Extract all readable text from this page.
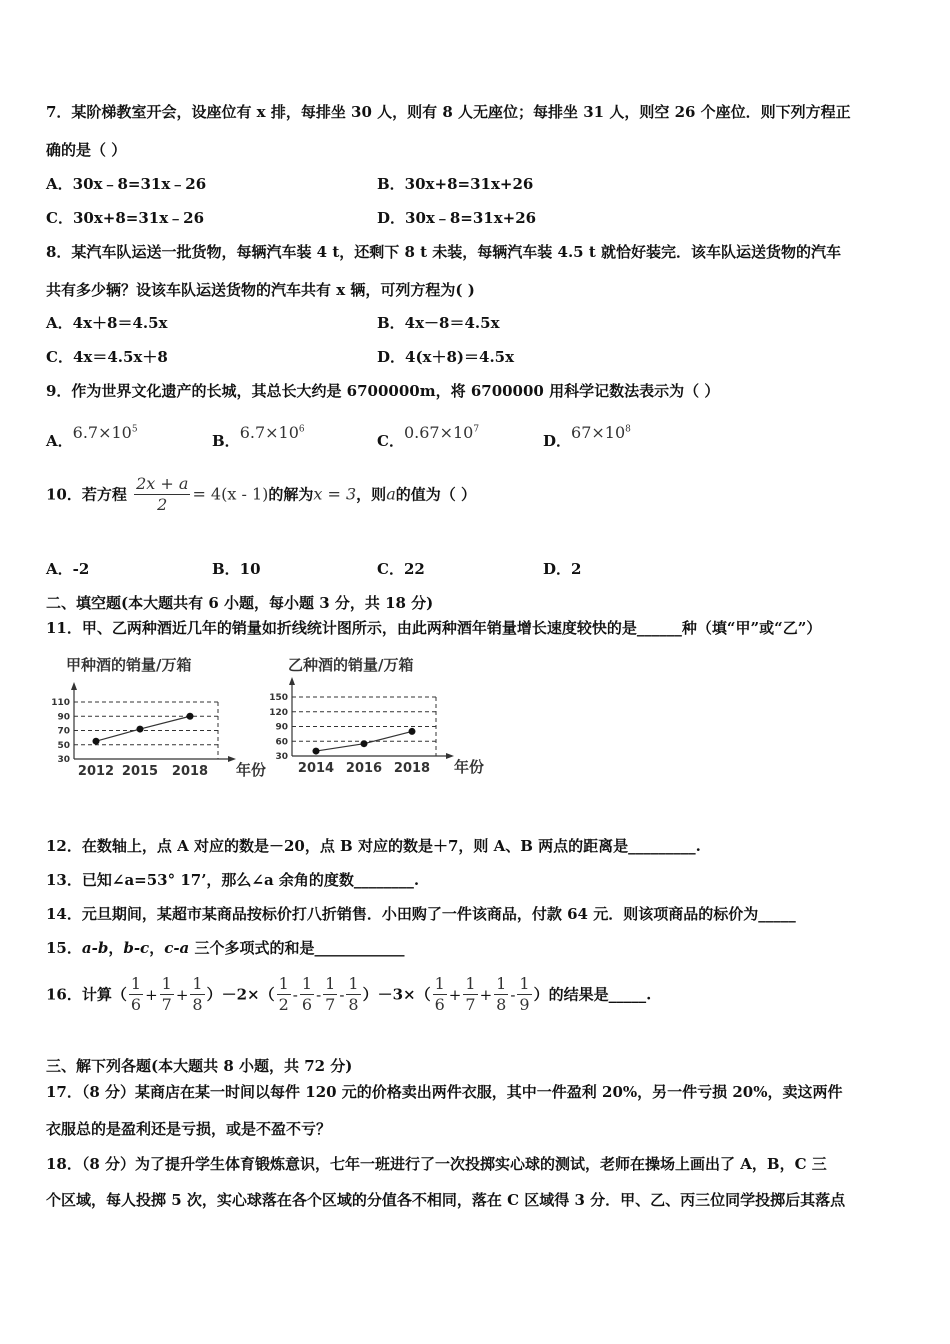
7．某阶梯教室开会，设座位有 x 排，每排坐 30 人，则有 8 人无座位；每排坐 31 人，则空 26 个座位．则下列方程正
确的是（ ）
A．30x﹣8=31x﹣26	B．30x+8=31x+26
C．30x+8=31x﹣26	D．30x﹣8=31x+26
8．某汽车队运送一批货物，每辆汽车装 4 t，还剩下 8 t 未装，每辆汽车装 4.5 t 就恰好装完．该车队运送货物的汽车
共有多少辆？设该车队运送货物的汽车共有 x 辆，可列方程为( )
A．4x＋8＝4.5x	B．4x－8＝4.5x
C．4x＝4.5x＋8	D．4(x＋8)＝4.5x
9．作为世界文化遗产的长城，其总长大约是 6700000m，将 6700000 用科学记数法表示为（ ）
A．$6.7\times 10^5$
B．$6.7\times 10^6$
C．$0.67\times 10^7$
D．$67\times 10^8$
10．若方程 $\frac{2x + a}{2} = 4(x - 1)$的解为x = 3，则a的值为（ ）
A．-2	B．10	C．22	D．2
二、填空题(本大题共有 6 小题，每小题 3 分，共 18 分)
11．甲、乙两种酒近几年的销量如折线统计图所示，由此两种酒年销量增长速度较快的是______种（填“甲”或“乙”）
甲种酒的销量/万箱
30
50
70
90
110
2012 2015 2018 年份
乙种酒的销量/万箱
30
60
90
120
150
2014 2016 2018 年份
12．在数轴上，点 A 对应的数是－20，点 B 对应的数是＋7，则 A、B 两点的距离是_________.
13．已知∠a=53° 17’，那么∠a 余角的度数________.
14．元旦期间，某超市某商品按标价打八折销售．小田购了一件该商品，付款 64 元．则该项商品的标价为_____
15．a-b，b-c，c-a 三个多项式的和是____________
16．计算（ $\frac{1}{6} + \frac{1}{7} + \frac{1}{8} )-2\times( \frac{1}{2} - \frac{1}{6} - \frac{1}{7} - \frac{1}{8} )-3\times( \frac{1}{6} + \frac{1}{7} + \frac{1}{8} - \frac{1}{9}$ ）的结果是_____.
三、解下列各题(本大题共 8 小题，共 72 分)
17．（8 分）某商店在某一时间以每件 120 元的价格卖出两件衣服，其中一件盈利 20%，另一件亏损 20%，卖这两件
衣服总的是盈利还是亏损，或是不盈不亏？
18．（8 分）为了提升学生体育锻炼意识，七年一班进行了一次投掷实心球的测试，老师在操场上画出了 A，B，C 三
个区域，每人投掷 5 次，实心球落在各个区域的分值各不相同，落在 C 区域得 3 分．甲、乙、丙三位同学投掷后其落点
